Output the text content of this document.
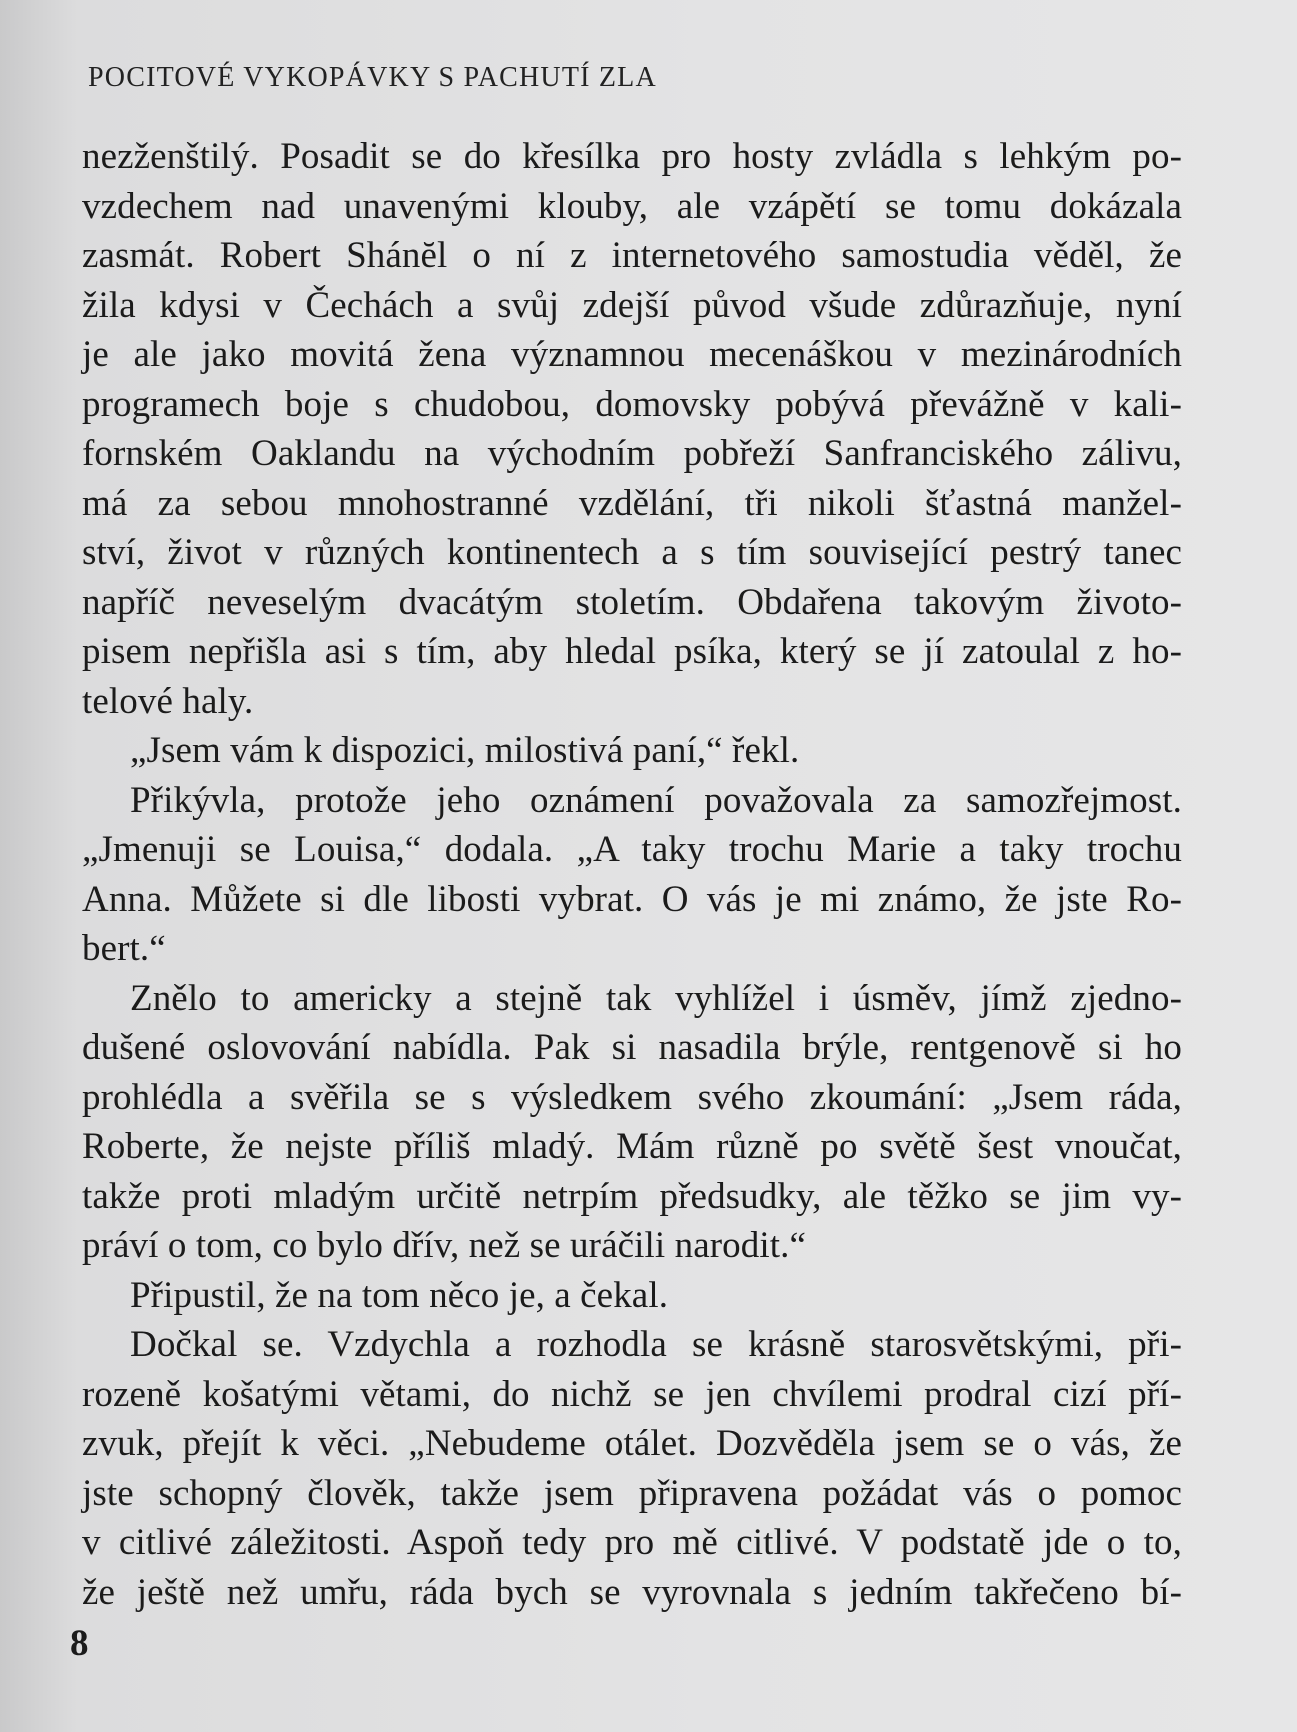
POCITOVÉ VYKOPÁVKY S PACHUTÍ ZLA
nezženštilý. Posadit se do křesílka pro hosty zvládla s lehkým po-
vzdechem nad unavenými klouby, ale vzápětí se tomu dokázala
zasmát. Robert Shánĕl o ní z internetového samostudia věděl, že
žila kdysi v Čechách a svůj zdejší původ všude zdůrazňuje, nyní
je ale jako movitá žena významnou mecenáškou v mezinárodních
programech boje s chudobou, domovsky pobývá převážně v kali-
fornském Oaklandu na východním pobřeží Sanfranciského zálivu,
má za sebou mnohostranné vzdělání, tři nikoli šťastná manžel-
ství, život v různých kontinentech a s tím související pestrý tanec
napříč neveselým dvacátým stoletím. Obdařena takovým životo-
pisem nepřišla asi s tím, aby hledal psíka, který se jí zatoulal z ho-
telové haly.
„Jsem vám k dispozici, milostivá paní,“ řekl.
Přikývla, protože jeho oznámení považovala za samozřejmost.
„Jmenuji se Louisa,“ dodala. „A taky trochu Marie a taky trochu
Anna. Můžete si dle libosti vybrat. O vás je mi známo, že jste Ro-
bert.“
Znělo to americky a stejně tak vyhlížel i úsměv, jímž zjedno-
dušené oslovování nabídla. Pak si nasadila brýle, rentgenově si ho
prohlédla a svěřila se s výsledkem svého zkoumání: „Jsem ráda,
Roberte, že nejste příliš mladý. Mám různě po světě šest vnoučat,
takže proti mladým určitě netrpím předsudky, ale těžko se jim vy-
práví o tom, co bylo dřív, než se uráčili narodit.“
Připustil, že na tom něco je, a čekal.
Dočkal se. Vzdychla a rozhodla se krásně starosvětskými, při-
rozeně košatými větami, do nichž se jen chvílemi prodral cizí pří-
zvuk, přejít k věci. „Nebudeme otálet. Dozvěděla jsem se o vás, že
jste schopný člověk, takže jsem připravena požádat vás o pomoc
v citlivé záležitosti. Aspoň tedy pro mě citlivé. V podstatě jde o to,
že ještě než umřu, ráda bych se vyrovnala s jedním takřečeno bí-
8
